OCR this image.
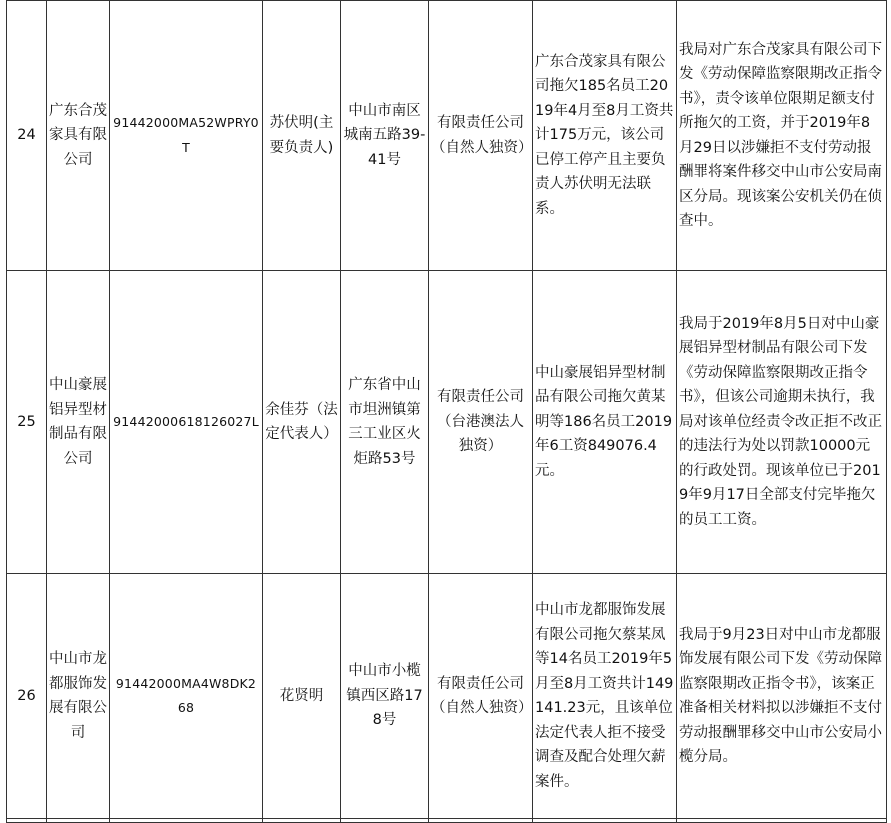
24	广东合茂家具有限公司	91442000MA52WPRY0T	苏伏明(主要负责人)	中山市南区城南五路39-41号	有限责任公司（自然人独资）	广东合茂家具有限公司拖欠185名员工2019年4月至8月工资共计175万元，该公司已停工停产且主要负责人苏伏明无法联系。	我局对广东合茂家具有限公司下发《劳动保障监察限期改正指令书》，责令该单位限期足额支付所拖欠的工资，并于2019年8月29日以涉嫌拒不支付劳动报酬罪将案件移交中山市公安局南区分局。现该案公安机关仍在侦查中。
25	中山豪展铝异型材制品有限公司	9144200061812602​7L	余佳芬（法定代表人）	广东省中山市坦洲镇第三工业区火炬路53号	有限责任公司（台港澳法人独资）	中山豪展铝异型材制品有限公司拖欠黄某明等186名员工2019年6工资849076.4元。	我局于2019年8月5日对中山豪展铝异型材制品有限公司下发《劳动保障监察限期改正指令书》，但该公司逾期未执行，我局对该单位经责令改正拒不改正的违法行为处以罚款10000元的行政处罚。现该单位已于2019年9月17日全部支付完毕拖欠的员工工资。
26	中山市龙都服饰发展有限公司	91442000MA4W8DK268	花贤明	中山市小榄镇西区路178号	有限责任公司（自然人独资）	中山市龙都服饰发展有限公司拖欠蔡某凤等14名员工2019年5月至8月工资共计149141.23元，且该单位法定代表人拒不接受调查及配合处理欠薪案件。	我局于9月23日对中山市龙都服饰发展有限公司下发《劳动保障监察限期改正指令书》，该案正准备相关材料拟以涉嫌拒不支付劳动报酬罪移交中山市公安局小榄分局。
